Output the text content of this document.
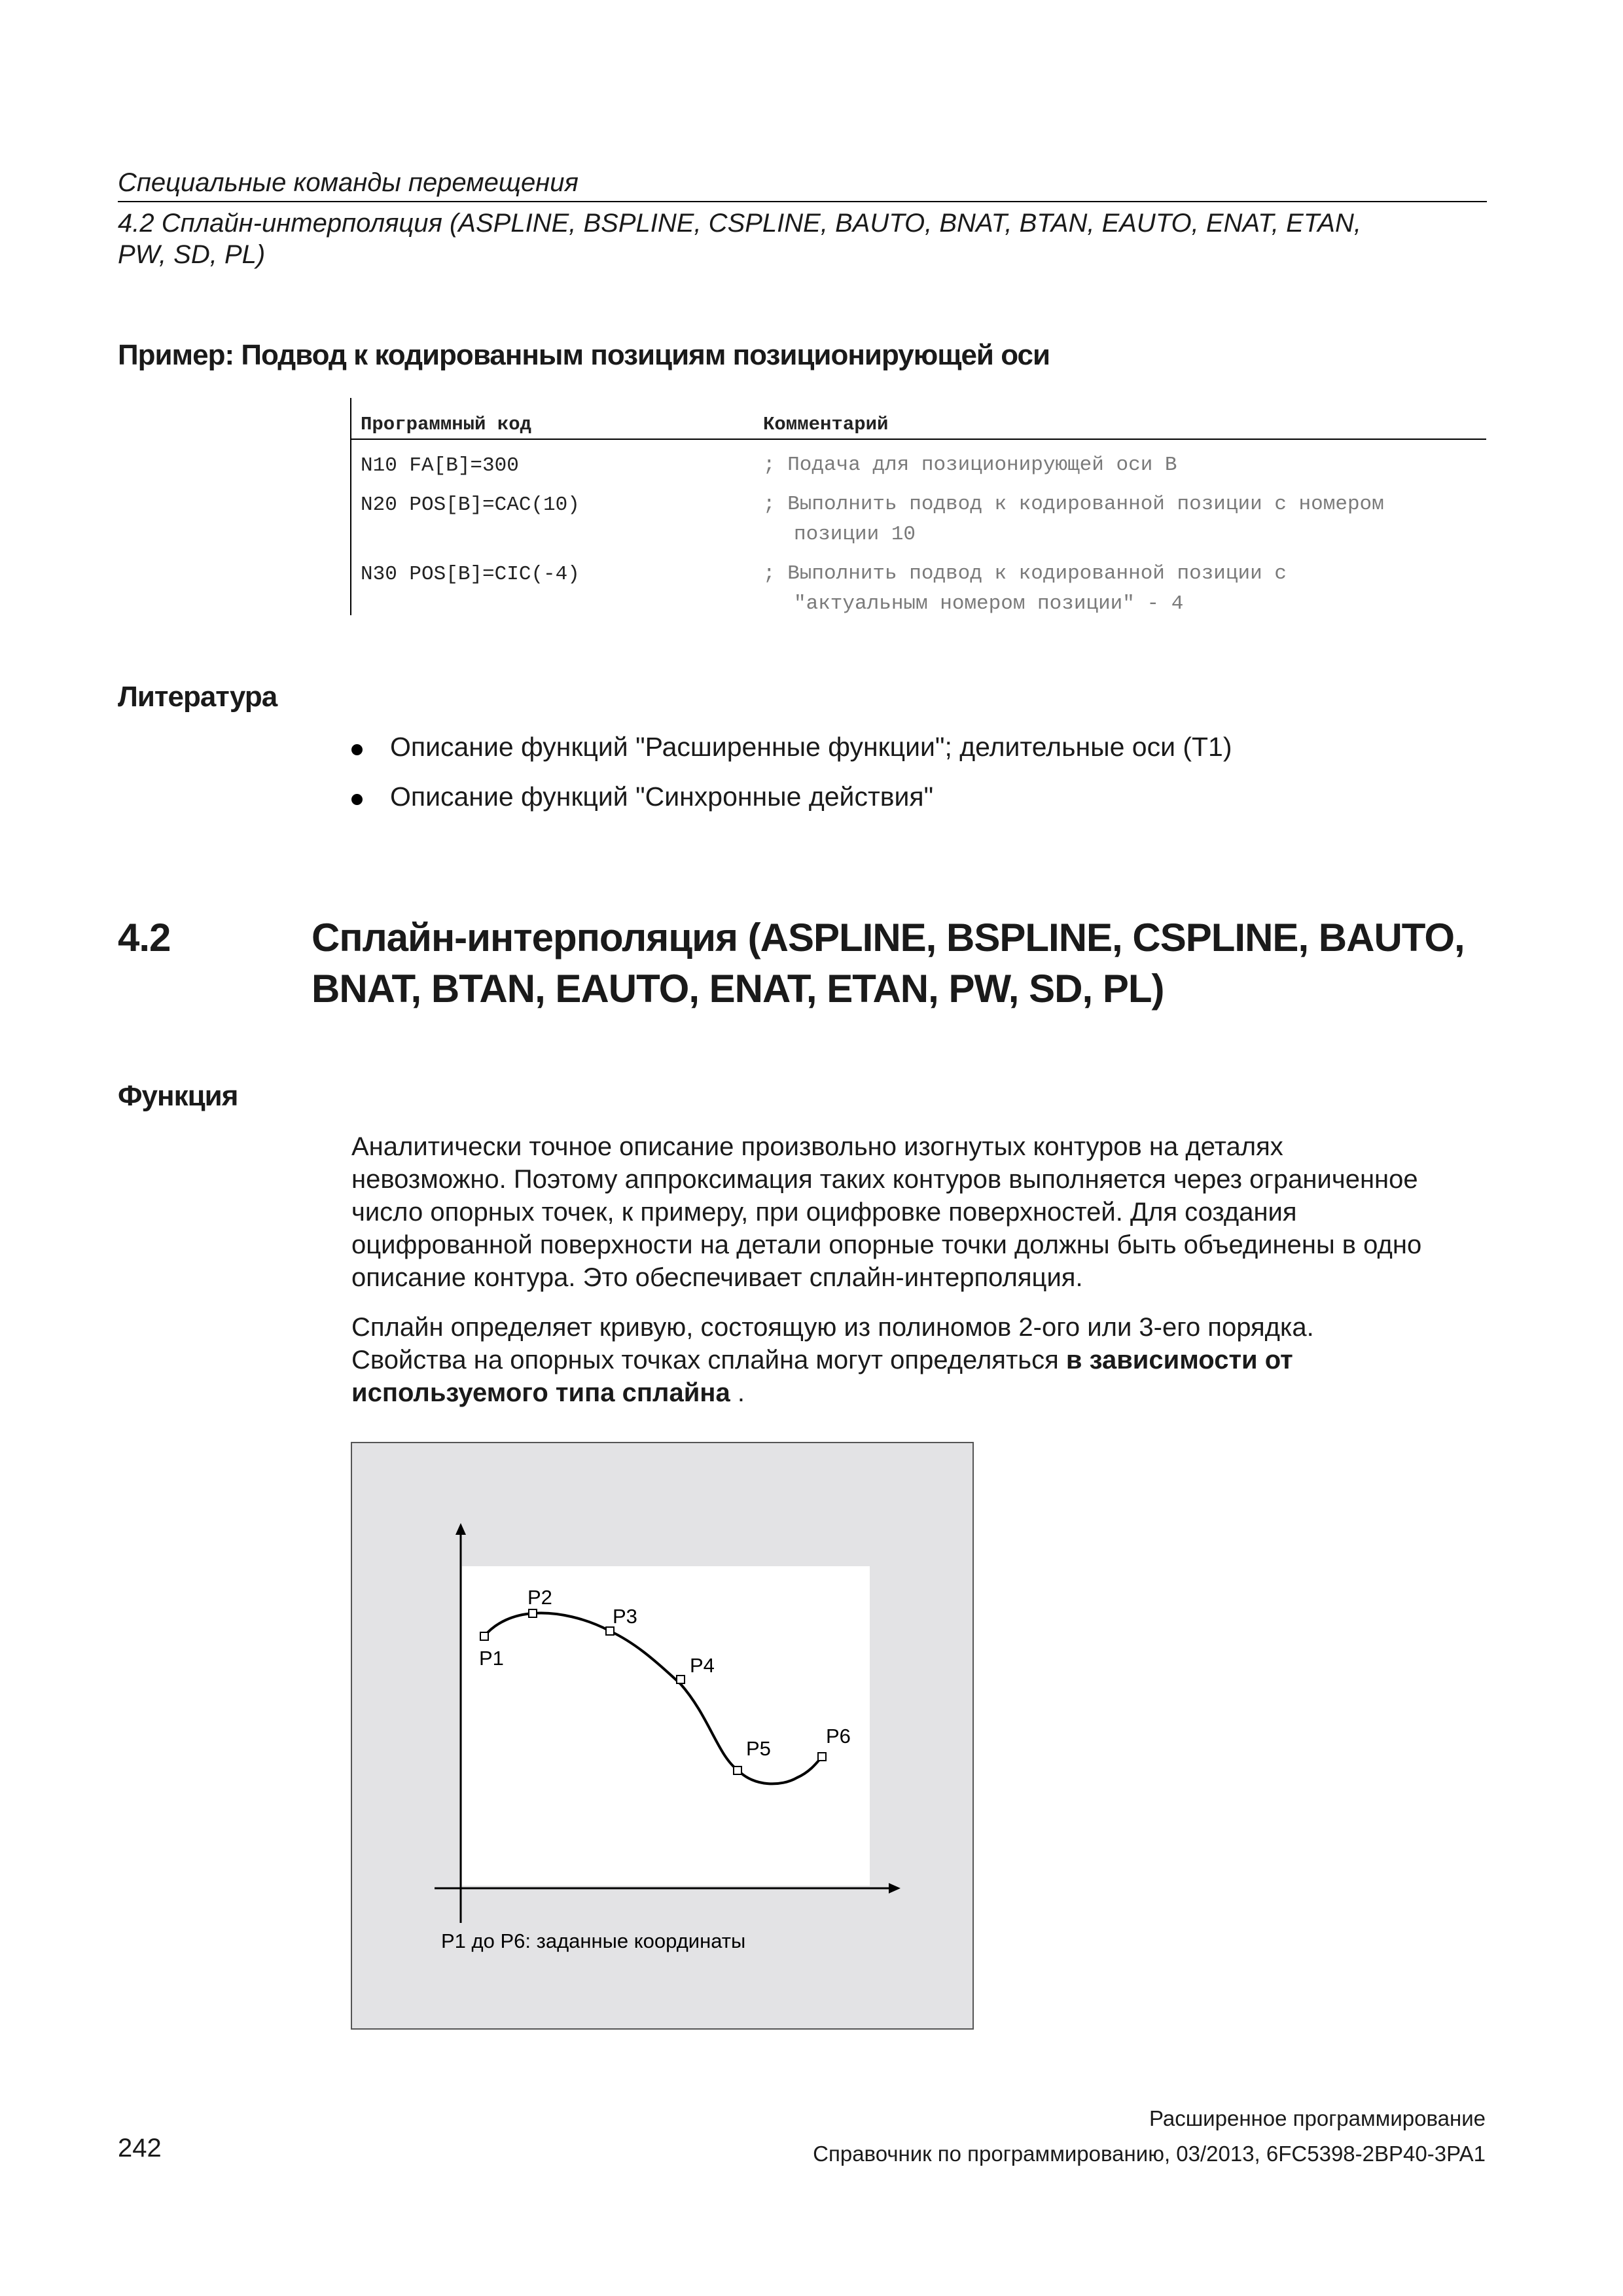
Специальные команды перемещения
4.2 Сплайн-интерполяция (ASPLINE, BSPLINE, CSPLINE, BAUTO, BNAT, BTAN, EAUTO, ENAT, ETAN,
PW, SD, PL)
Пример: Подвод к кодированным позициям позиционирующей оси
Программный код	Комментарий
N10 FA[B]=300	; Подача для позиционирующей оси B
N20 POS[B]=CAC(10)	; Выполнить подвод к кодированной позиции с номером
позиции 10
N30 POS[B]=CIC(-4)	; Выполнить подвод к кодированной позиции с
"актуальным номером позиции" - 4
Литература
Описание функций "Расширенные функции"; делительные оси (T1)
Описание функций "Синхронные действия"
4.2	Сплайн-интерполяция (ASPLINE, BSPLINE, CSPLINE, BAUTO,
BNAT, BTAN, EAUTO, ENAT, ETAN, PW, SD, PL)
Функция
Аналитически точное описание произвольно изогнутых контуров на деталях
невозможно. Поэтому аппроксимация таких контуров выполняется через ограниченное
число опорных точек, к примеру, при оцифровке поверхностей. Для создания
оцифрованной поверхности на детали опорные точки должны быть объединены в одно
описание контура. Это обеспечивает сплайн-интерполяция.
Сплайн определяет кривую, состоящую из полиномов 2-ого или 3-его порядка.
Свойства на опорных точках сплайна могут определяться в зависимости от
используемого типа сплайна .
P1
P2
P3
P4
P5
P6
P1 до P6: заданные координаты
Расширенное программирование
242	Справочник по программированию, 03/2013, 6FC5398-2BP40-3PA1
